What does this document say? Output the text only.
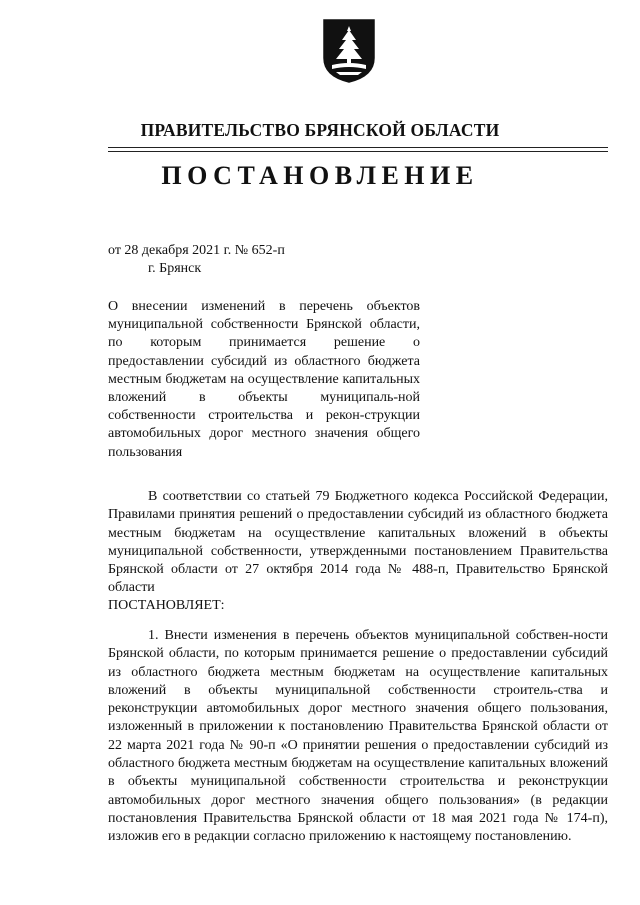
ПРАВИТЕЛЬСТВО БРЯНСКОЙ ОБЛАСТИ
ПОСТАНОВЛЕНИЕ
от 28 декабря 2021 г. № 652-п
г. Брянск
О внесении изменений в перечень объектов муниципальной собственности Брянской области, по которым принимается решение о предоставлении субсидий из областного бюджета местным бюджетам на осуществление капитальных вложений в объекты муниципаль-ной собственности строительства и рекон-струкции автомобильных дорог местного значения общего пользования
В соответствии со статьей 79 Бюджетного кодекса Российской Федерации, Правилами принятия решений о предоставлении субсидий из областного бюджета местным бюджетам на осуществление капитальных вложений в объекты муниципальной собственности, утвержденными постановлением Правительства Брянской области от 27 октября 2014 года № 488-п, Правительство Брянской области
ПОСТАНОВЛЯЕТ:
1. Внести изменения в перечень объектов муниципальной собствен-ности Брянской области, по которым принимается решение о предоставлении субсидий из областного бюджета местным бюджетам на осуществление капитальных вложений в объекты муниципальной собственности строитель-ства и реконструкции автомобильных дорог местного значения общего пользования, изложенный в приложении к постановлению Правительства Брянской области от 22 марта 2021 года № 90-п «О принятии решения о предоставлении субсидий из областного бюджета местным бюджетам на осуществление капитальных вложений в объекты муниципальной собственности строительства и реконструкции автомобильных дорог местного значения общего пользования» (в редакции постановления Правительства Брянской области от 18 мая 2021 года № 174-п), изложив его в редакции согласно приложению к настоящему постановлению.
